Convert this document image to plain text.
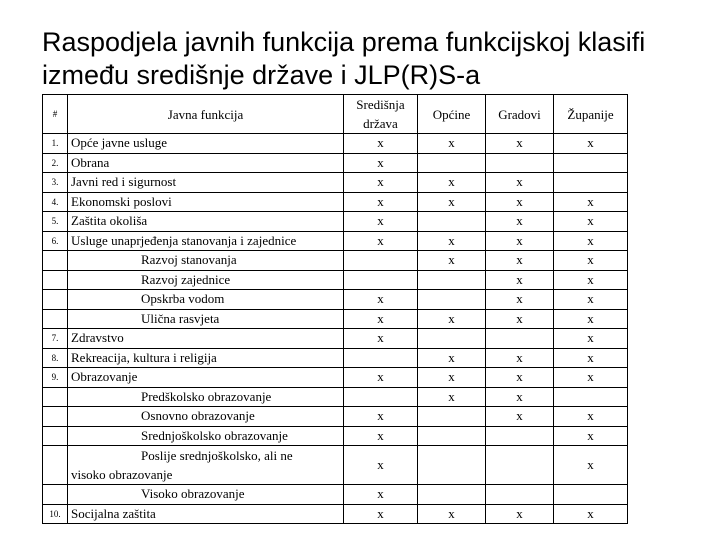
Raspodjela javnih funkcija prema funkcijskoj klasifi
između središnje države i JLP(R)S-a
#	Javna funkcija	Središnja
država	Općine	Gradovi	Županije
1.	Opće javne usluge	x	x	x	x
2.	Obrana	x			
3.	Javni red i sigurnost	x	x	x	
4.	Ekonomski poslovi	x	x	x	x
5.	Zaštita okoliša	x		x	x
6.	Usluge unaprjeđenja stanovanja i zajednice	x	x	x	x
	Razvoj stanovanja		x	x	x
	Razvoj zajednice			x	x
	Opskrba vodom	x		x	x
	Ulična rasvjeta	x	x	x	x
7.	Zdravstvo	x			x
8.	Rekreacija, kultura i religija		x	x	x
9.	Obrazovanje	x	x	x	x
	Predškolsko obrazovanje		x	x	
	Osnovno obrazovanje	x		x	x
	Srednjoškolsko obrazovanje	x			x

	Poslije srednjoškolsko, ali ne
visoko obrazovanje	x			x
	Visoko obrazovanje	x			
10.	Socijalna zaštita	x	x	x	x
